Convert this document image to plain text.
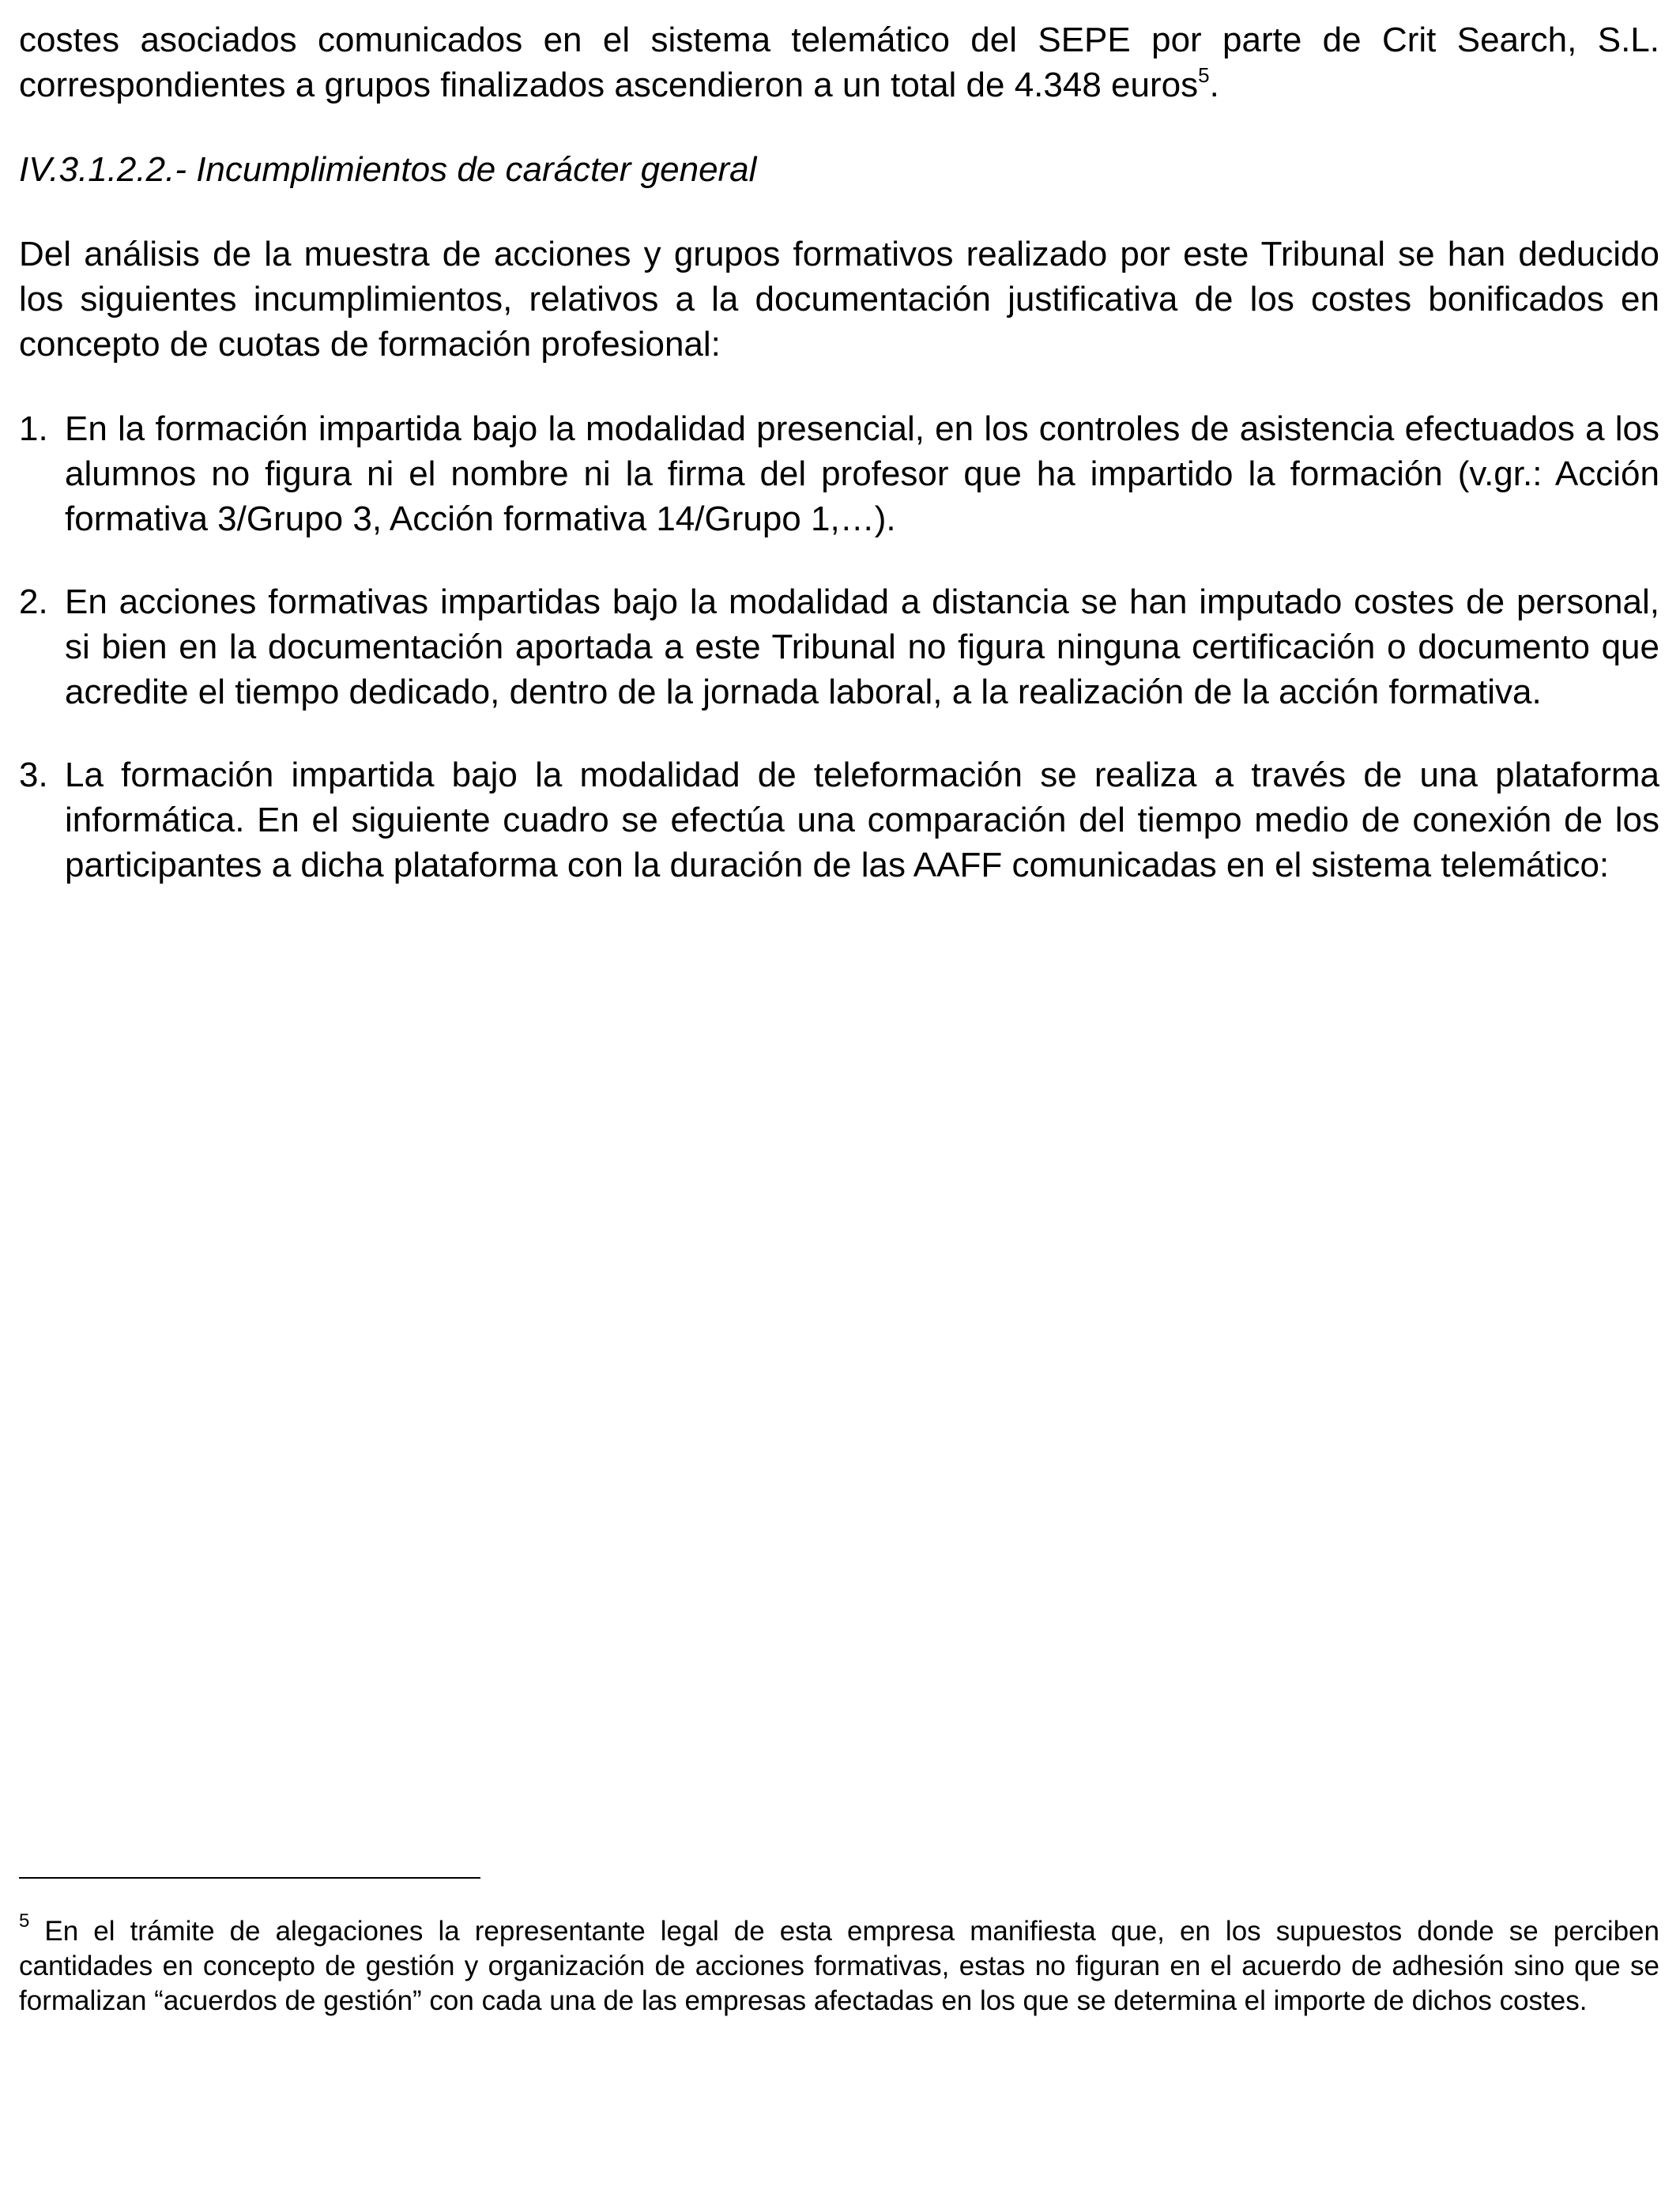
costes asociados comunicados en el sistema telemático del SEPE por parte de Crit Search, S.L. correspondientes a grupos finalizados ascendieron a un total de 4.348 euros$^5$.

IV.3.1.2.2.- Incumplimientos de carácter general

Del análisis de la muestra de acciones y grupos formativos realizado por este Tribunal se han deducido los siguientes incumplimientos, relativos a la documentación justificativa de los costes bonificados en concepto de cuotas de formación profesional:

1. En la formación impartida bajo la modalidad presencial, en los controles de asistencia efectuados a los alumnos no figura ni el nombre ni la firma del profesor que ha impartido la formación (v.gr.: Acción formativa 3/Grupo 3, Acción formativa 14/Grupo 1,…).
2. En acciones formativas impartidas bajo la modalidad a distancia se han imputado costes de personal, si bien en la documentación aportada a este Tribunal no figura ninguna certificación o documento que acredite el tiempo dedicado, dentro de la jornada laboral, a la realización de la acción formativa.
3. La formación impartida bajo la modalidad de teleformación se realiza a través de una plataforma informática. En el siguiente cuadro se efectúa una comparación del tiempo medio de conexión de los participantes a dicha plataforma con la duración de las AAFF comunicadas en el sistema telemático:

$^5$ En el trámite de alegaciones la representante legal de esta empresa manifiesta que, en los supuestos donde se perciben cantidades en concepto de gestión y organización de acciones formativas, estas no figuran en el acuerdo de adhesión sino que se formalizan “acuerdos de gestión” con cada una de las empresas afectadas en los que se determina el importe de dichos costes.
